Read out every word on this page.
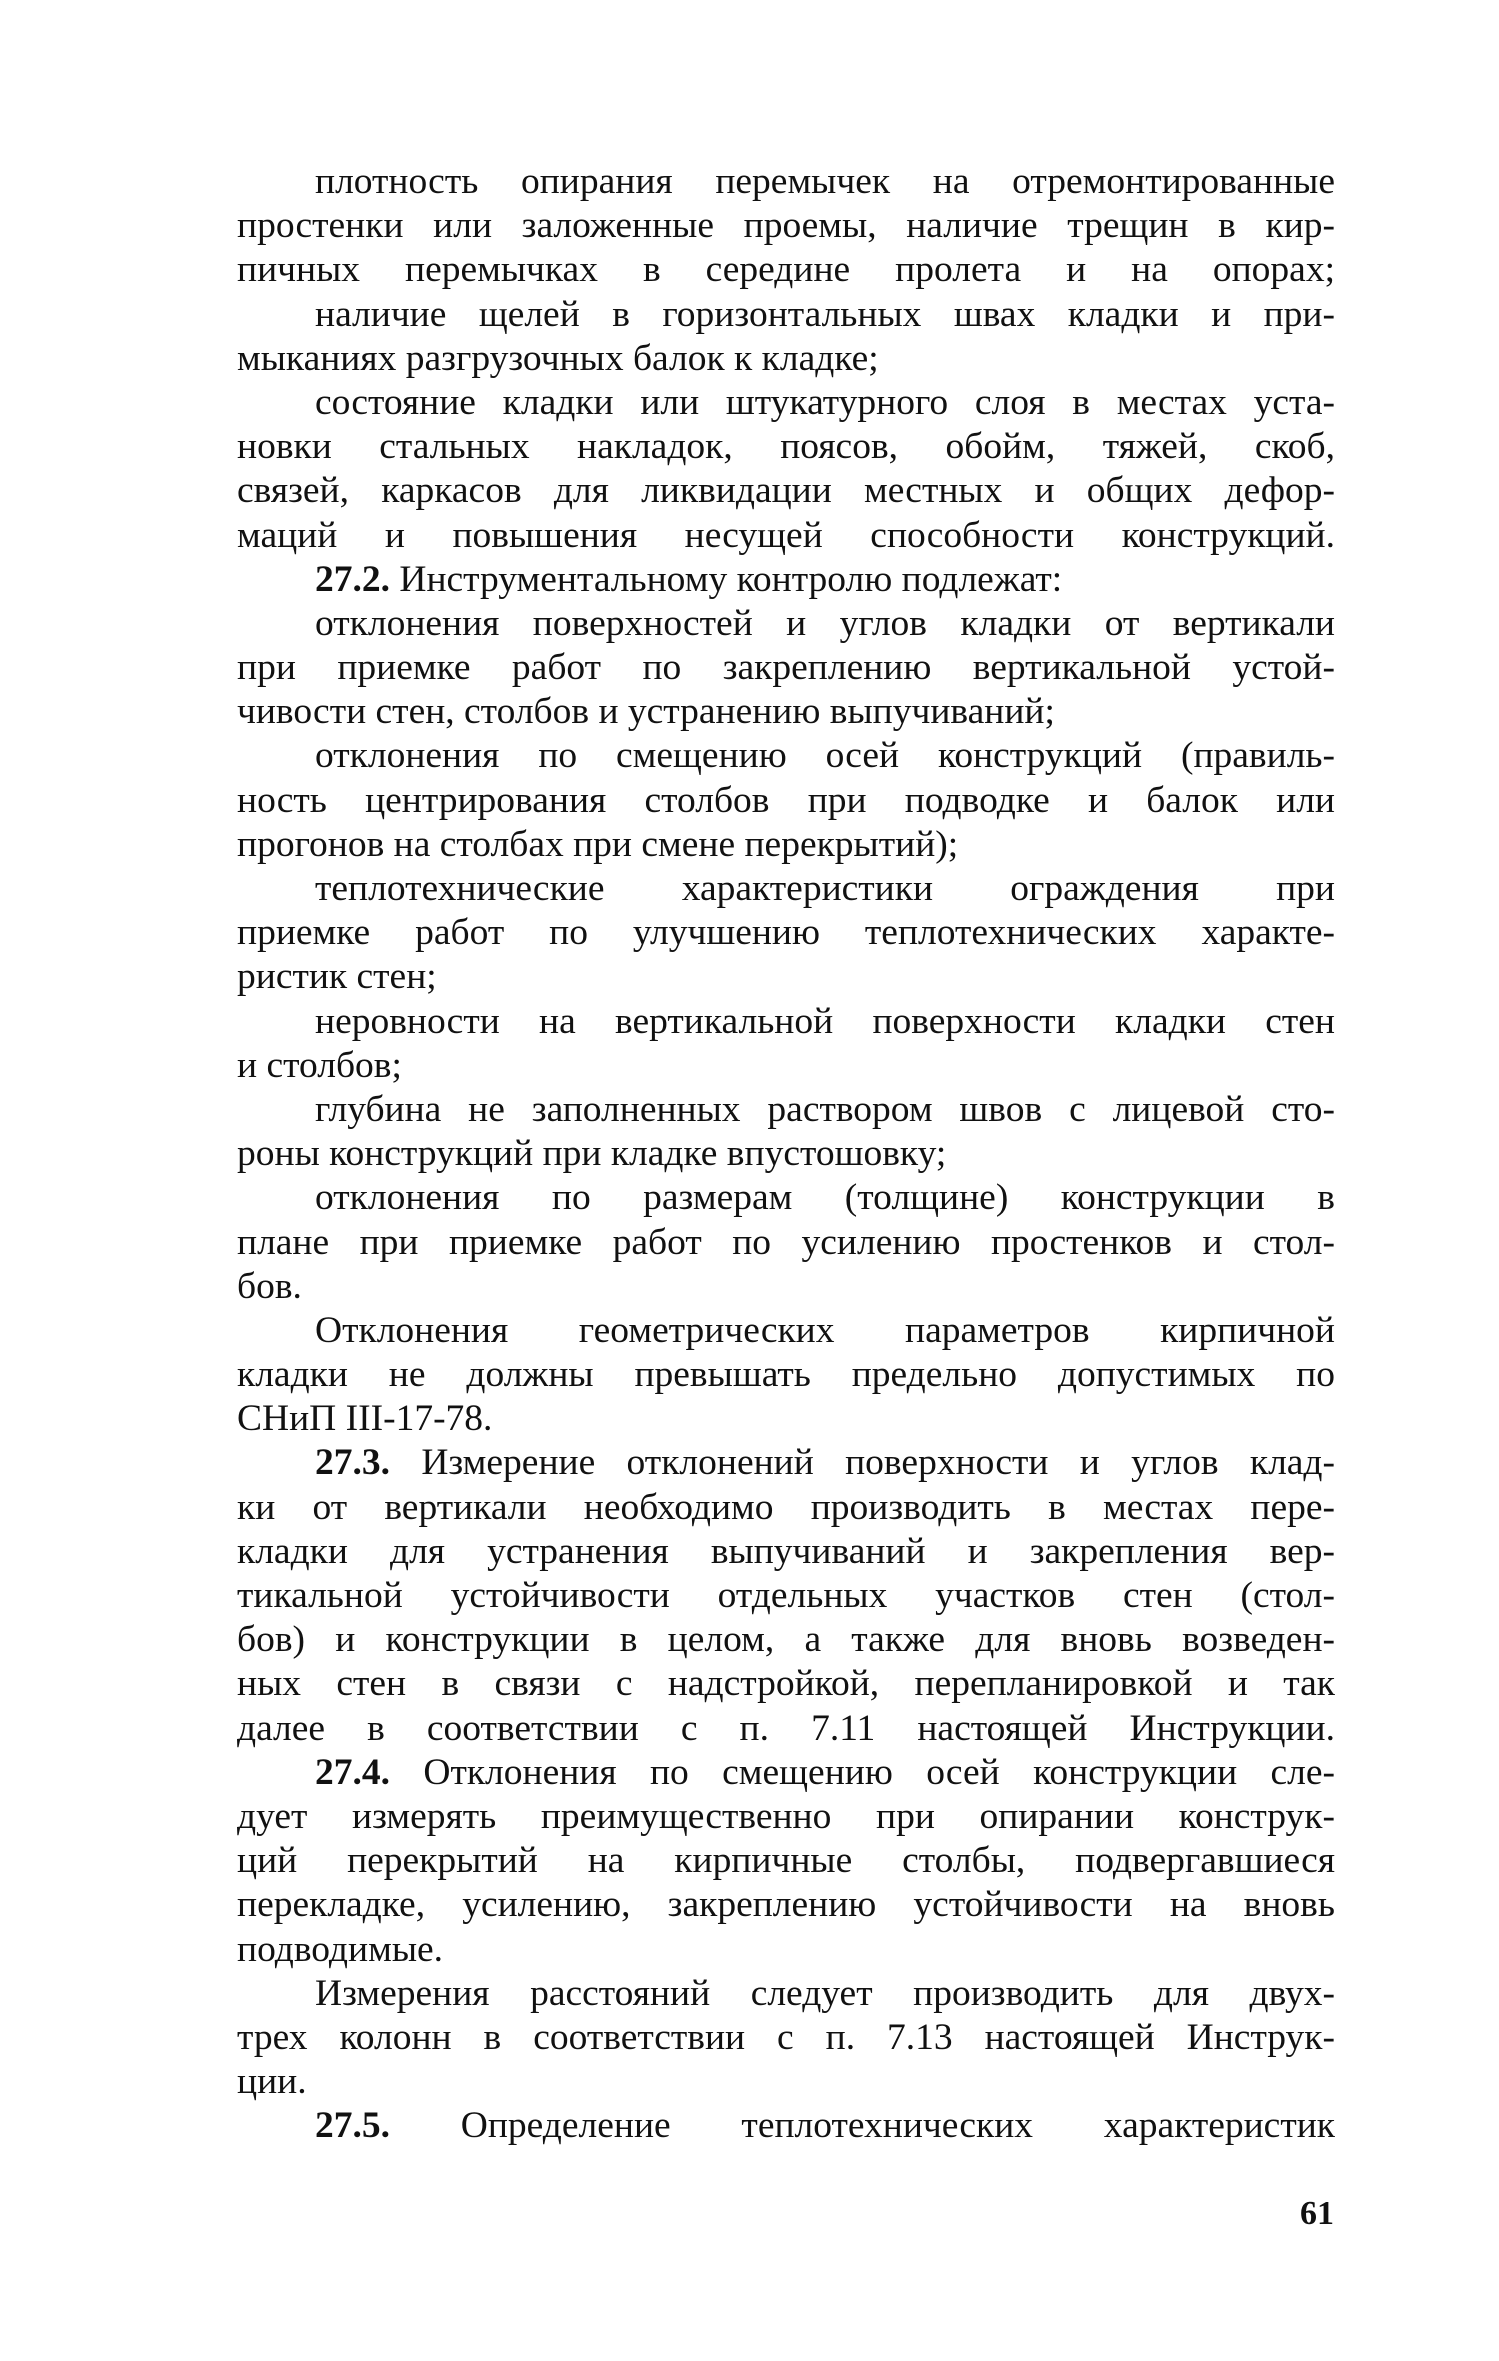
плотность опирания перемычек на отремонтированные
простенки или заложенные проемы, наличие трещин в кир-
пичных перемычках в середине пролета и на опорах;
наличие щелей в горизонтальных швах кладки и при-
мыканиях разгрузочных балок к кладке;
состояние кладки или штукатурного слоя в местах уста-
новки стальных накладок, поясов, обойм, тяжей, скоб,
связей, каркасов для ликвидации местных и общих дефор-
маций и повышения несущей способности конструкций.
27.2. Инструментальному контролю подлежат:
отклонения поверхностей и углов кладки от вертикали
при приемке работ по закреплению вертикальной устой-
чивости стен, столбов и устранению выпучиваний;
отклонения по смещению осей конструкций (правиль-
ность центрирования столбов при подводке и балок или
прогонов на столбах при смене перекрытий);
теплотехнические характеристики ограждения при
приемке работ по улучшению теплотехнических характе-
ристик стен;
неровности на вертикальной поверхности кладки стен
и столбов;
глубина не заполненных раствором швов с лицевой сто-
роны конструкций при кладке впустошовку;
отклонения по размерам (толщине) конструкции в
плане при приемке работ по усилению простенков и стол-
бов.
Отклонения геометрических параметров кирпичной
кладки не должны превышать предельно допустимых по
СНиП III-17-78.
27.3. Измерение отклонений поверхности и углов клад-
ки от вертикали необходимо производить в местах пере-
кладки для устранения выпучиваний и закрепления вер-
тикальной устойчивости отдельных участков стен (стол-
бов) и конструкции в целом, а также для вновь возведен-
ных стен в связи с надстройкой, перепланировкой и так
далее в соответствии с п. 7.11 настоящей Инструкции.
27.4. Отклонения по смещению осей конструкции сле-
дует измерять преимущественно при опирании конструк-
ций перекрытий на кирпичные столбы, подвергавшиеся
перекладке, усилению, закреплению устойчивости на вновь
подводимые.
Измерения расстояний следует производить для двух-
трех колонн в соответствии с п. 7.13 настоящей Инструк-
ции.
27.5. Определение теплотехнических характеристик
61
